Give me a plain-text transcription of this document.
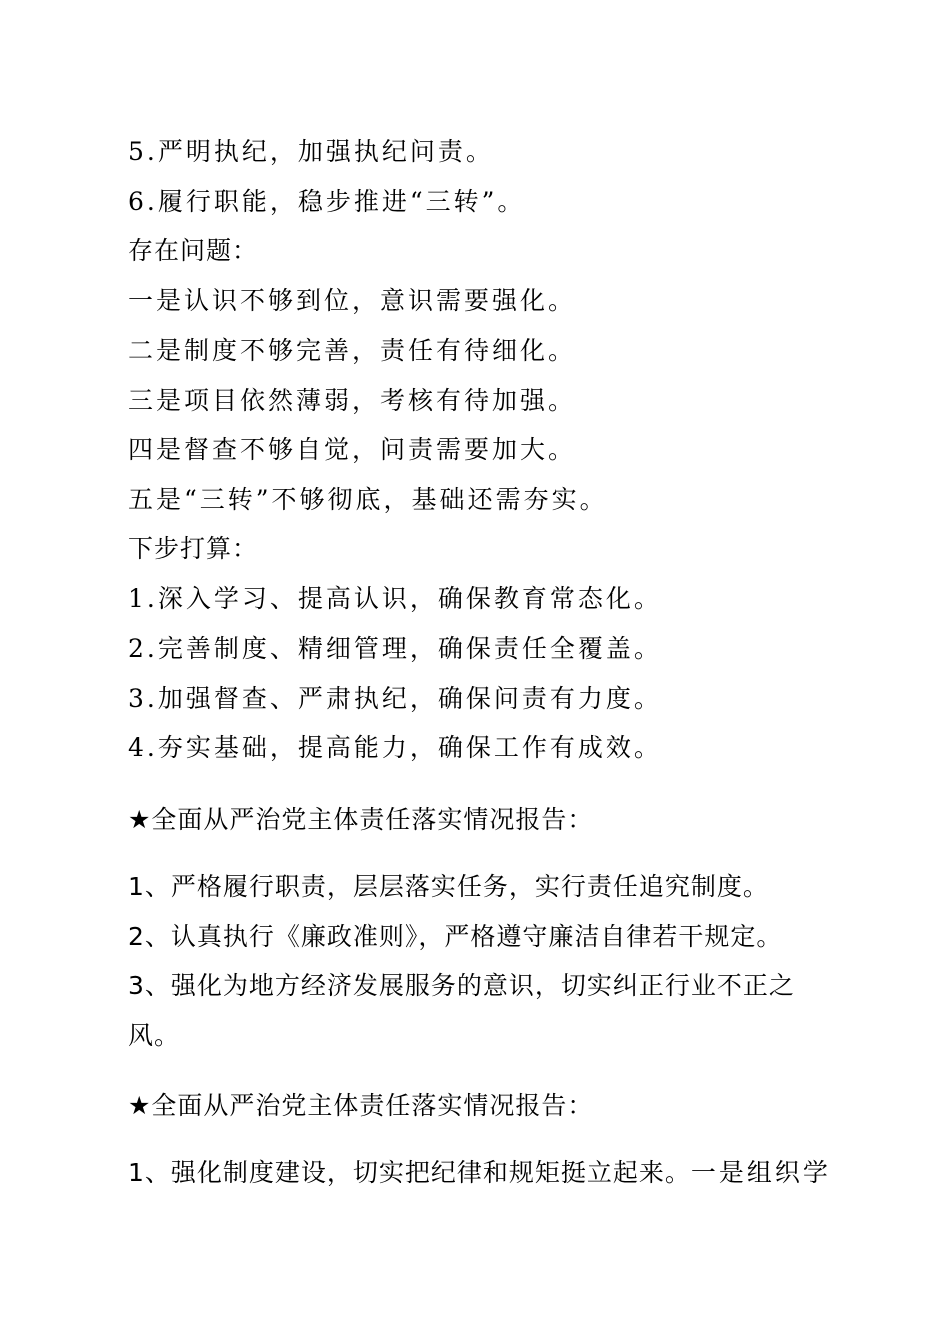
5.严明执纪，加强执纪问责。
6.履行职能，稳步推进“三转”。
存在问题：
一是认识不够到位，意识需要强化。
二是制度不够完善，责任有待细化。
三是项目依然薄弱，考核有待加强。
四是督查不够自觉，问责需要加大。
五是“三转”不够彻底，基础还需夯实。
下步打算：
1.深入学习、提高认识，确保教育常态化。
2.完善制度、精细管理，确保责任全覆盖。
3.加强督查、严肃执纪，确保问责有力度。
4.夯实基础，提高能力，确保工作有成效。
★全面从严治党主体责任落实情况报告：
1、严格履行职责，层层落实任务，实行责任追究制度。
2、认真执行《廉政准则》，严格遵守廉洁自律若干规定。
3、强化为地方经济发展服务的意识，切实纠正行业不正之
风。
★全面从严治党主体责任落实情况报告：
1、强化制度建设，切实把纪律和规矩挺立起来。一是组织学
